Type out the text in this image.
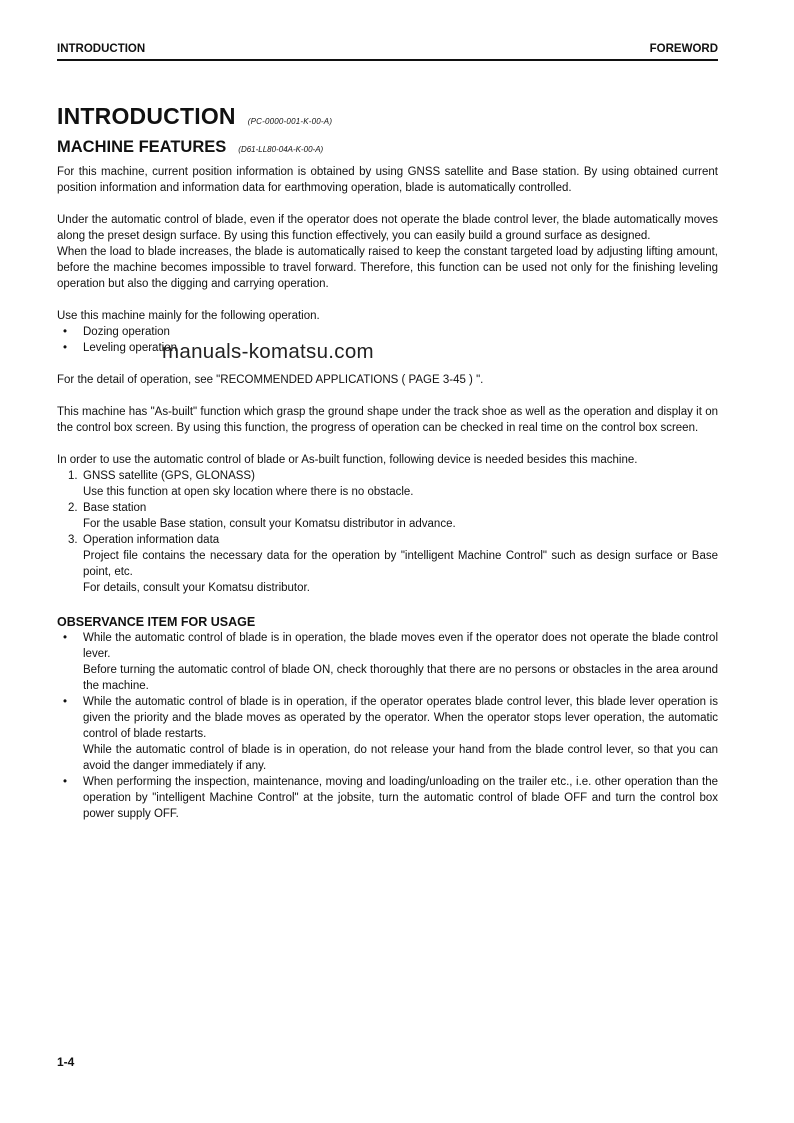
INTRODUCTION	FOREWORD
INTRODUCTION (PC-0000-001-K-00-A)
MACHINE FEATURES (D61-LL80-04A-K-00-A)

For this machine, current position information is obtained by using GNSS satellite and Base station. By using obtained current position information and information data for earthmoving operation, blade is automatically controlled.

Under the automatic control of blade, even if the operator does not operate the blade control lever, the blade automatically moves along the preset design surface. By using this function effectively, you can easily build a ground surface as designed.

When the load to blade increases, the blade is automatically raised to keep the constant targeted load by adjusting lifting amount, before the machine becomes impossible to travel forward. Therefore, this function can be used not only for the finishing leveling operation but also the digging and carrying operation.

Use this machine mainly for the following operation.

• Dozing operation
• Leveling operation

For the detail of operation, see "RECOMMENDED APPLICATIONS ( PAGE 3-45 ) ".

This machine has "As-built" function which grasp the ground shape under the track shoe as well as the operation and display it on the control box screen. By using this function, the progress of operation can be checked in real time on the control box screen.

In order to use the automatic control of blade or As-built function, following device is needed besides this machine.

1. GNSS satellite (GPS, GLONASS)
Use this function at open sky location where there is no obstacle.
2. Base station
For the usable Base station, consult your Komatsu distributor in advance.
3. Operation information data
Project file contains the necessary data for the operation by "intelligent Machine Control" such as design surface or Base point, etc.
For details, consult your Komatsu distributor.
OBSERVANCE ITEM FOR USAGE
• While the automatic control of blade is in operation, the blade moves even if the operator does not operate the blade control lever.
Before turning the automatic control of blade ON, check thoroughly that there are no persons or obstacles in the area around the machine.
• While the automatic control of blade is in operation, if the operator operates blade control lever, this blade lever operation is given the priority and the blade moves as operated by the operator. When the operator stops lever operation, the automatic control of blade restarts.
While the automatic control of blade is in operation, do not release your hand from the blade control lever, so that you can avoid the danger immediately if any.
• When performing the inspection, maintenance, moving and loading/unloading on the trailer etc., i.e. other operation than the operation by "intelligent Machine Control" at the jobsite, turn the automatic control of blade OFF and turn the control box power supply OFF.
1-4
manuals-komatsu.com
